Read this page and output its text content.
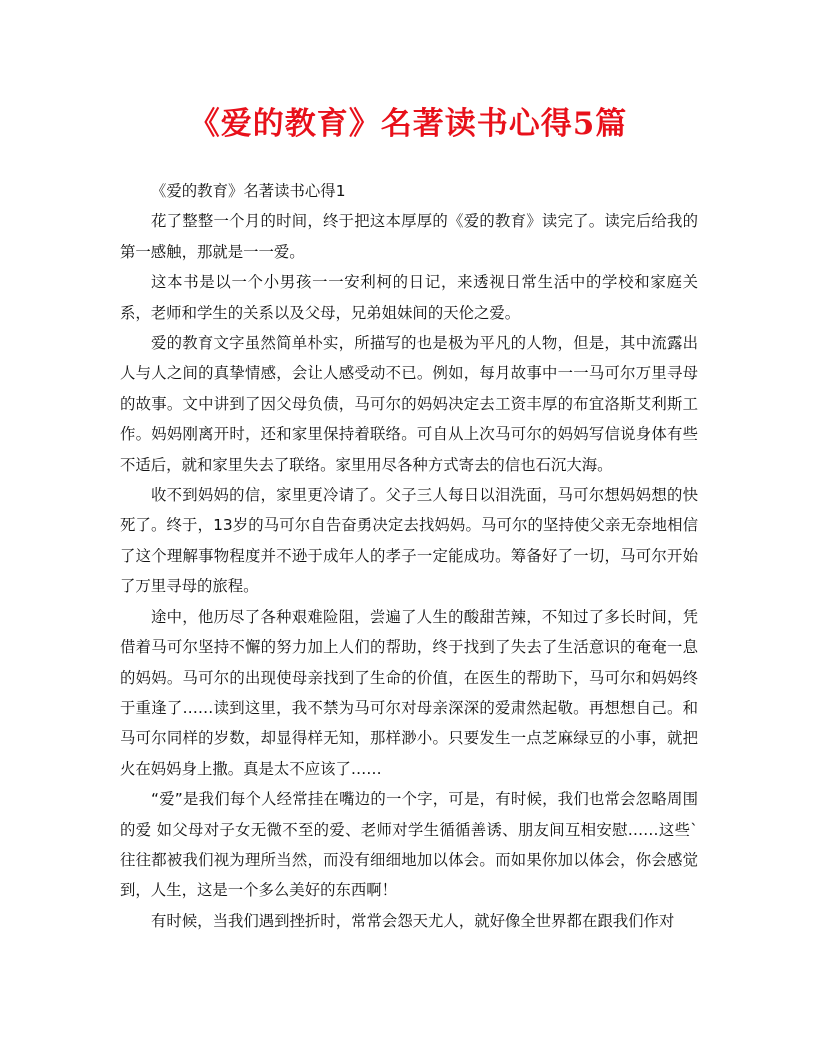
《爱的教育》名著读书心得5篇

《爱的教育》名著读书心得1

花了整整一个月的时间，终于把这本厚厚的《爱的教育》读完了。读完后给我的第一感触，那就是一一爱。

这本书是以一个小男孩一一安利柯的日记，来透视日常生活中的学校和家庭关系，老师和学生的关系以及父母，兄弟姐妹间的天伦之爱。

爱的教育文字虽然简单朴实，所描写的也是极为平凡的人物，但是，其中流露出人与人之间的真挚情感，会让人感受动不已。例如，每月故事中一一马可尔万里寻母的故事。文中讲到了因父母负债，马可尔的妈妈决定去工资丰厚的布宜洛斯艾利斯工作。妈妈刚离开时，还和家里保持着联络。可自从上次马可尔的妈妈写信说身体有些不适后，就和家里失去了联络。家里用尽各种方式寄去的信也石沉大海。

收不到妈妈的信，家里更冷请了。父子三人每日以泪洗面，马可尔想妈妈想的快死了。终于，13岁的马可尔自告奋勇决定去找妈妈。马可尔的坚持使父亲无奈地相信了这个理解事物程度并不逊于成年人的孝子一定能成功。筹备好了一切，马可尔开始了万里寻母的旅程。

途中，他历尽了各种艰难险阻，尝遍了人生的酸甜苦辣，不知过了多长时间，凭借着马可尔坚持不懈的努力加上人们的帮助，终于找到了失去了生活意识的奄奄一息的妈妈。马可尔的出现使母亲找到了生命的价值，在医生的帮助下，马可尔和妈妈终于重逢了……读到这里，我不禁为马可尔对母亲深深的爱肃然起敬。再想想自己。和马可尔同样的岁数，却显得样无知，那样渺小。只要发生一点芝麻绿豆的小事，就把火在妈妈身上撒。真是太不应该了……

“爱”是我们每个人经常挂在嘴边的一个字，可是，有时候，我们也常会忽略周围的爱 如父母对子女无微不至的爱、老师对学生循循善诱、朋友间互相安慰……这些`往往都被我们视为理所当然，而没有细细地加以体会。而如果你加以体会，你会感觉到，人生，这是一个多么美好的东西啊！

有时候，当我们遇到挫折时，常常会怨天尤人，就好像全世界都在跟我们作对
